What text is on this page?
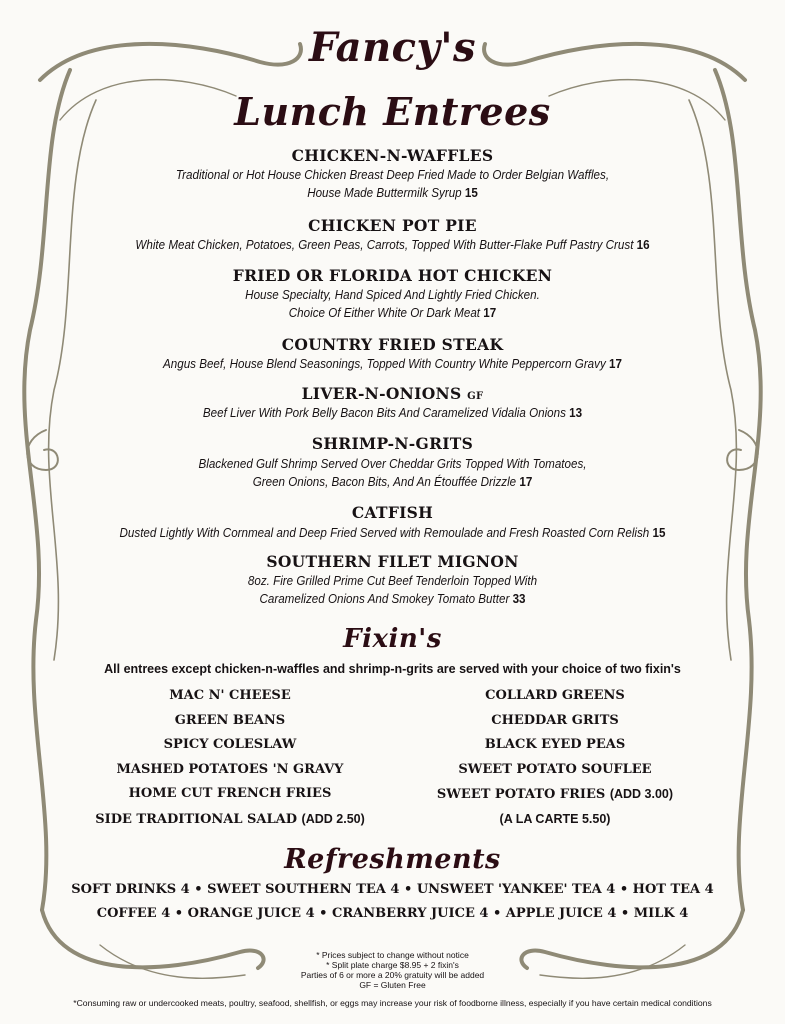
Fancy's
Lunch Entrees
CHICKEN-N-WAFFLES
Traditional or Hot House Chicken Breast Deep Fried Made to Order Belgian Waffles,
House Made Buttermilk Syrup 15
CHICKEN POT PIE
White Meat Chicken, Potatoes, Green Peas, Carrots, Topped With Butter-Flake Puff Pastry Crust 16
FRIED OR FLORIDA HOT CHICKEN
House Specialty, Hand Spiced And Lightly Fried Chicken.
Choice Of Either White Or Dark Meat 17
COUNTRY FRIED STEAK
Angus Beef, House Blend Seasonings, Topped With Country White Peppercorn Gravy 17
LIVER-N-ONIONS GF
Beef Liver With Pork Belly Bacon Bits And Caramelized Vidalia Onions 13
SHRIMP-N-GRITS
Blackened Gulf Shrimp Served Over Cheddar Grits Topped With Tomatoes,
Green Onions, Bacon Bits, And An Étouffée Drizzle 17
CATFISH
Dusted Lightly With Cornmeal and Deep Fried Served with Remoulade and Fresh Roasted Corn Relish 15
SOUTHERN FILET MIGNON
8oz. Fire Grilled Prime Cut Beef Tenderloin Topped With
Caramelized Onions And Smokey Tomato Butter 33
Fixin's
All entrees except chicken-n-waffles and shrimp-n-grits are served with your choice of two fixin's
MAC N' CHEESE
GREEN BEANS
SPICY COLESLAW
MASHED POTATOES 'N GRAVY
HOME CUT FRENCH FRIES
SIDE TRADITIONAL SALAD (ADD 2.50)
COLLARD GREENS
CHEDDAR GRITS
BLACK EYED PEAS
SWEET POTATO SOUFLEE
SWEET POTATO FRIES (ADD 3.00)
(A LA CARTE 5.50)
Refreshments
SOFT DRINKS 4 • SWEET SOUTHERN TEA 4 • UNSWEET 'YANKEE' TEA 4 • HOT TEA 4
COFFEE 4 • ORANGE JUICE 4 • CRANBERRY JUICE 4 • APPLE JUICE 4 • MILK 4
* Prices subject to change without notice
* Split plate charge $8.95 + 2 fixin's
Parties of 6 or more a 20% gratuity will be added
GF = Gluten Free
*Consuming raw or undercooked meats, poultry, seafood, shellfish, or eggs may increase your risk of foodborne illness, especially if you have certain medical conditions
